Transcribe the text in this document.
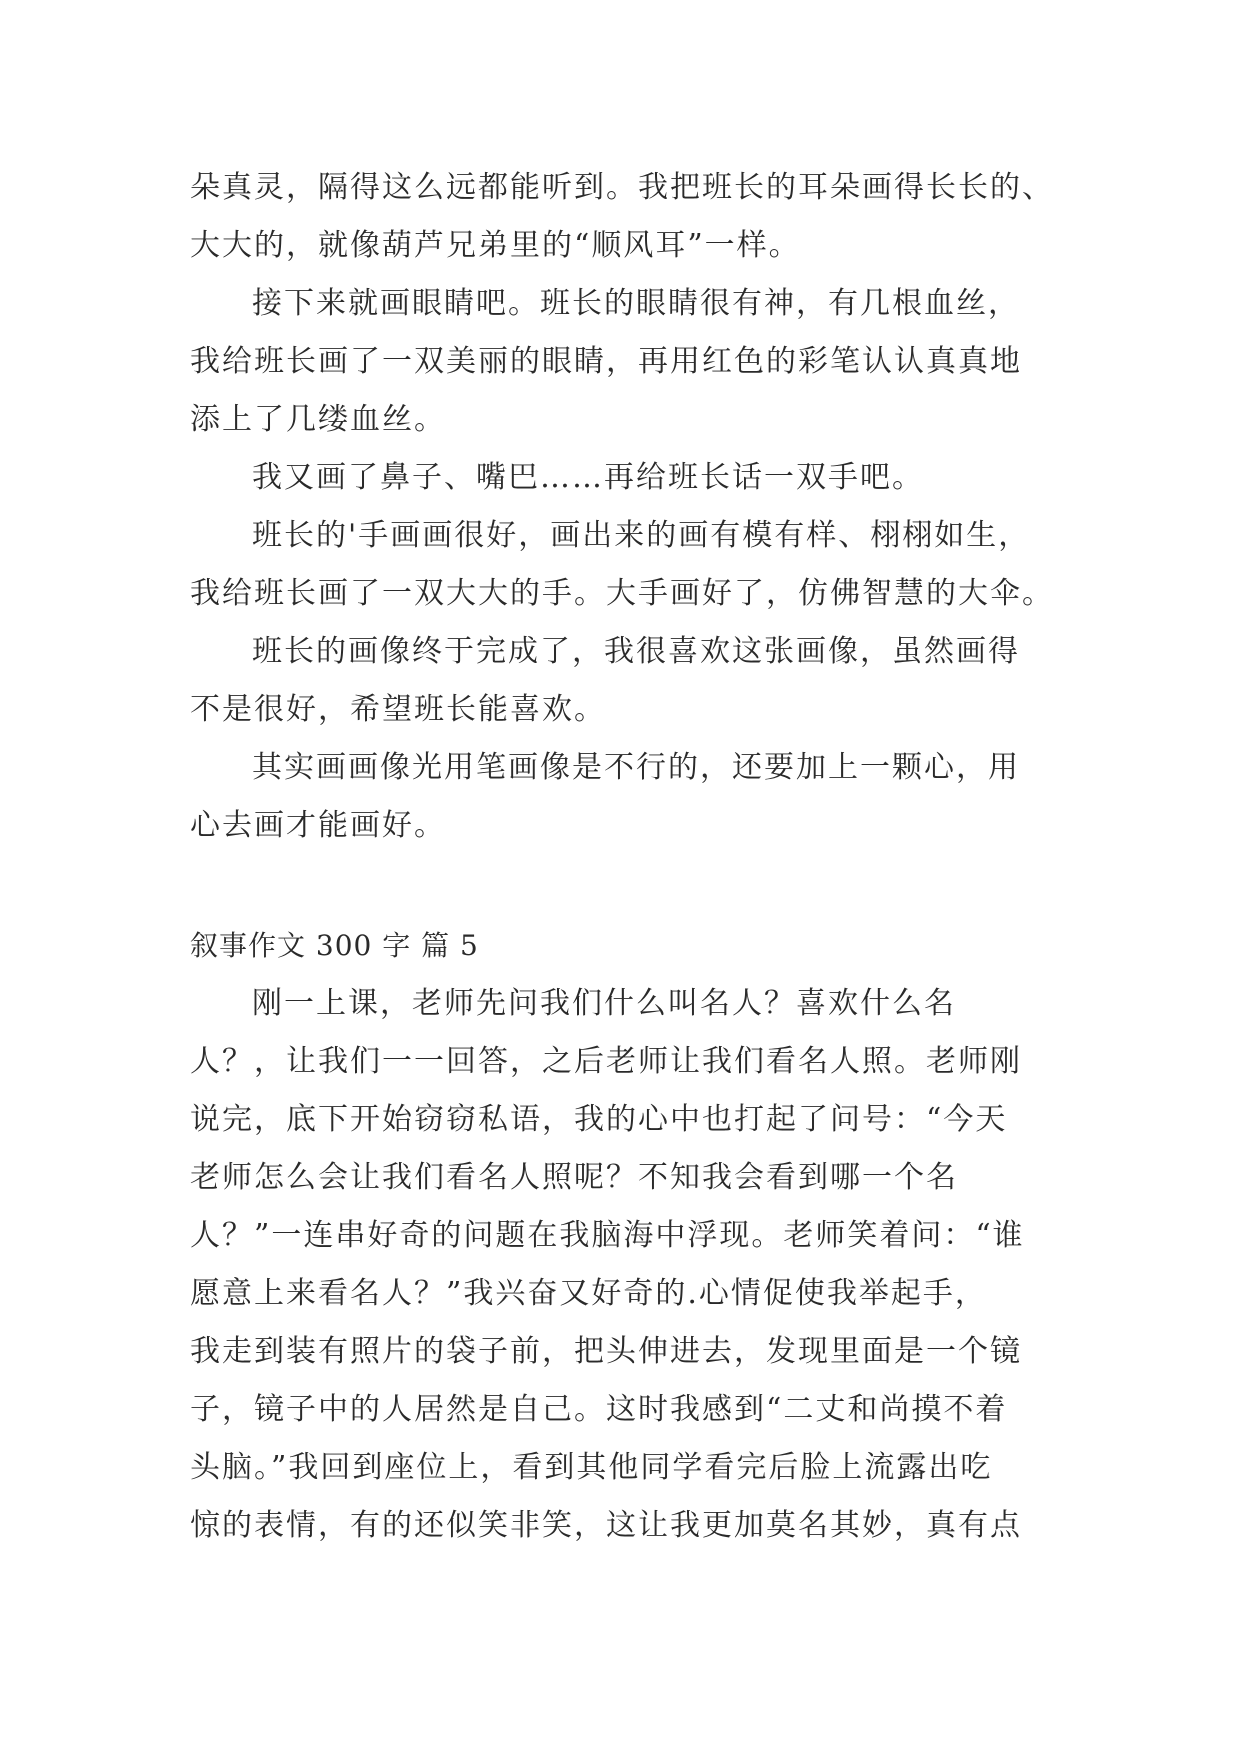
朵真灵，隔得这么远都能听到。我把班长的耳朵画得长长的、
大大的，就像葫芦兄弟里的“顺风耳”一样。
接下来就画眼睛吧。班长的眼睛很有神，有几根血丝，
我给班长画了一双美丽的眼睛，再用红色的彩笔认认真真地
添上了几缕血丝。
我又画了鼻子、嘴巴……再给班长话一双手吧。
班长的'手画画很好，画出来的画有模有样、栩栩如生，
我给班长画了一双大大的手。大手画好了，仿佛智慧的大伞。
班长的画像终于完成了，我很喜欢这张画像，虽然画得
不是很好，希望班长能喜欢。
其实画画像光用笔画像是不行的，还要加上一颗心，用
心去画才能画好。
叙事作文 300 字 篇 5
刚一上课，老师先问我们什么叫名人？喜欢什么名
人？，让我们一一回答，之后老师让我们看名人照。老师刚
说完，底下开始窃窃私语，我的心中也打起了问号：“今天
老师怎么会让我们看名人照呢？不知我会看到哪一个名
人？”一连串好奇的问题在我脑海中浮现。老师笑着问：“谁
愿意上来看名人？”我兴奋又好奇的.心情促使我举起手，
我走到装有照片的袋子前，把头伸进去，发现里面是一个镜
子，镜子中的人居然是自己。这时我感到“二丈和尚摸不着
头脑。”我回到座位上，看到其他同学看完后脸上流露出吃
惊的表情，有的还似笑非笑，这让我更加莫名其妙，真有点
